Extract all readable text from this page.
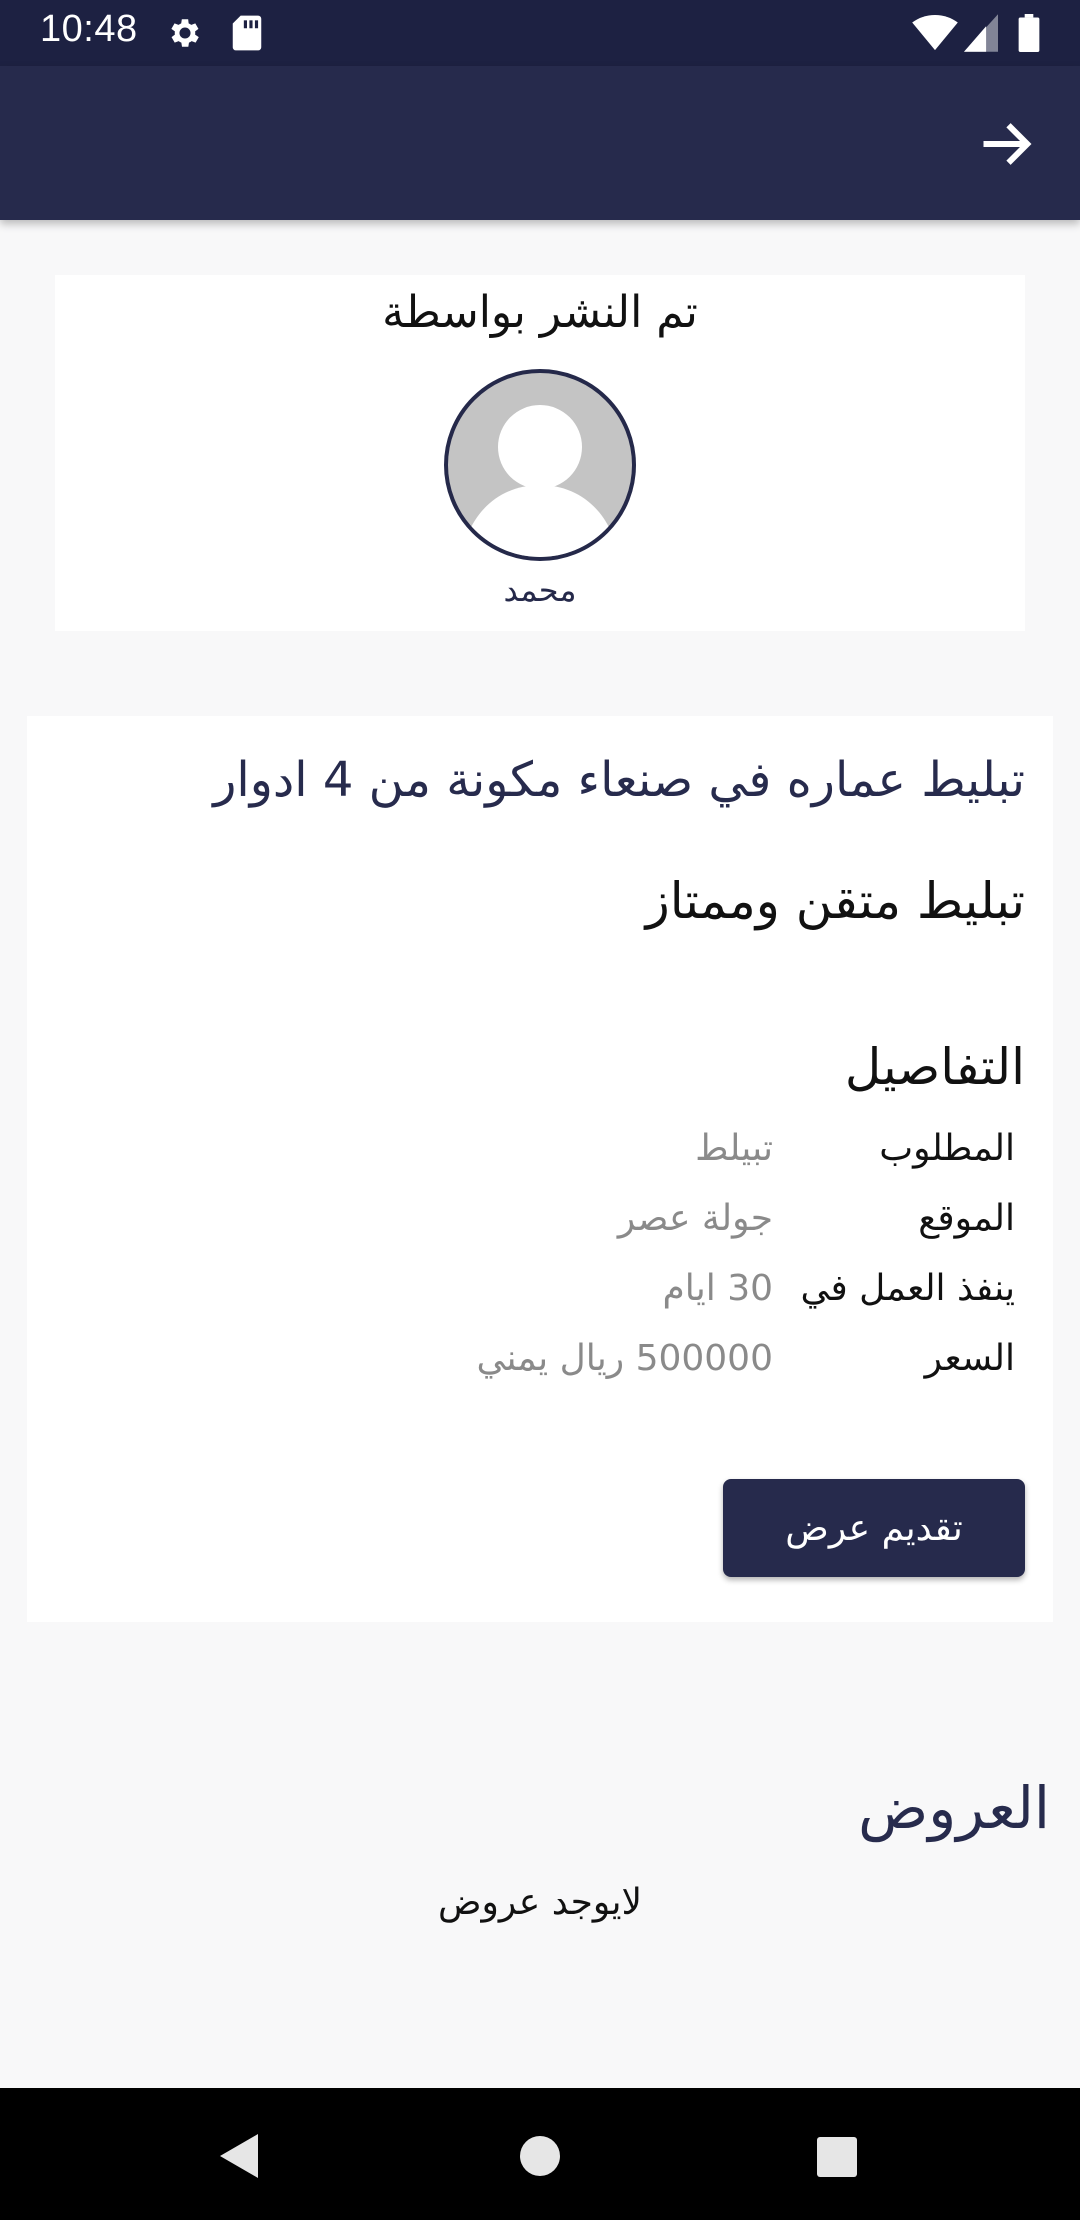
10:48
تم النشر بواسطة
محمد
تبليط عماره في صنعاء مكونة من 4 ادوار
تبليط متقن وممتاز
التفاصيل
المطلوب
تبيلط
الموقع
جولة عصر
ينفذ العمل في
30 ايام
السعر
500000 ريال يمني
تقديم عرض
العروض
لايوجد عروض
